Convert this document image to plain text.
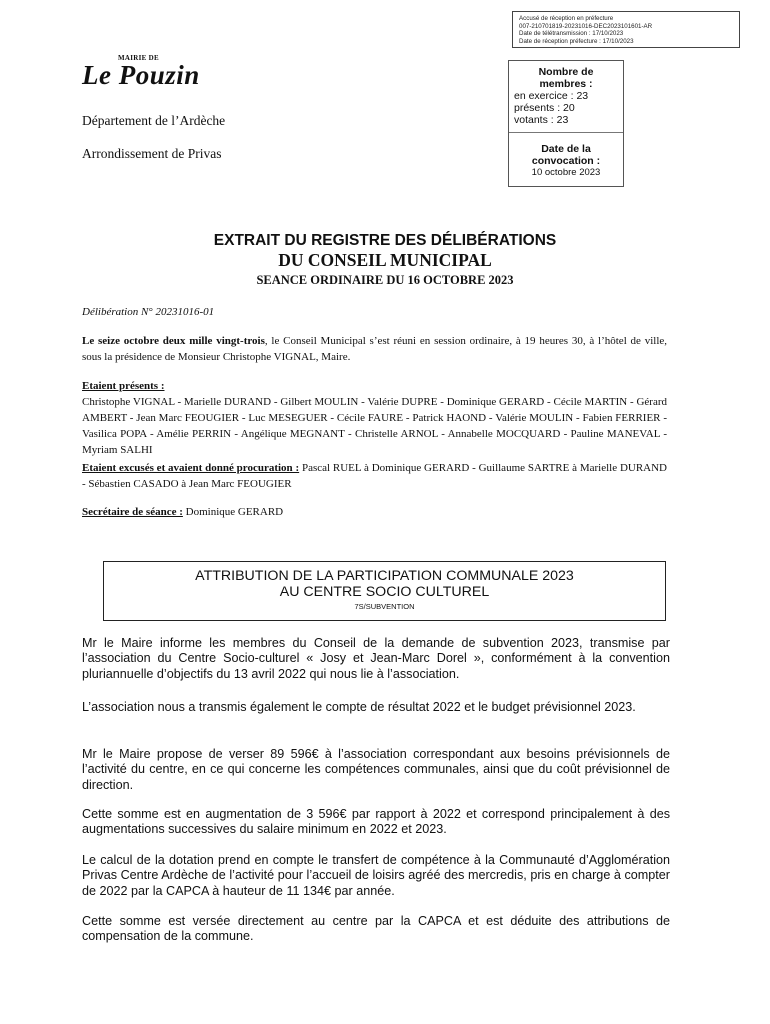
Accusé de réception en préfecture
007-210701819-20231016-DEC2023101601-AR
Date de télétransmission : 17/10/2023
Date de réception préfecture : 17/10/2023
MAIRIE DE
Le Pouzin
Département de l’Ardèche
Arrondissement de Privas
Nombre de membres :
en exercice : 23
présents : 20
votants : 23
Date de la convocation :
10 octobre 2023
EXTRAIT DU REGISTRE DES DÉLIBÉRATIONS
DU CONSEIL MUNICIPAL
SEANCE ORDINAIRE DU 16 OCTOBRE 2023
Délibération N° 20231016-01
Le seize octobre deux mille vingt-trois, le Conseil Municipal s’est réuni en session ordinaire, à 19 heures 30, à l’hôtel de ville, sous la présidence de Monsieur Christophe VIGNAL, Maire.
Etaient présents :
Christophe VIGNAL - Marielle DURAND - Gilbert MOULIN - Valérie DUPRE - Dominique GERARD - Cécile MARTIN - Gérard AMBERT - Jean Marc FEOUGIER - Luc MESEGUER - Cécile FAURE - Patrick HAOND - Valérie MOULIN - Fabien FERRIER - Vasilica POPA - Amélie PERRIN - Angélique MEGNANT - Christelle ARNOL - Annabelle MOCQUARD - Pauline MANEVAL - Myriam SALHI
Etaient excusés et avaient donné procuration : Pascal RUEL à Dominique GERARD - Guillaume SARTRE à Marielle DURAND - Sébastien CASADO à Jean Marc FEOUGIER
Secrétaire de séance : Dominique GERARD
ATTRIBUTION DE LA PARTICIPATION COMMUNALE 2023
AU CENTRE SOCIO CULTUREL
7S/SUBVENTION
Mr le Maire informe les membres du Conseil de la demande de subvention 2023, transmise par l’association du Centre Socio-culturel « Josy et Jean-Marc Dorel », conformément à la convention pluriannuelle d’objectifs du 13 avril 2022 qui nous lie à l’association.
L’association nous a transmis également le compte de résultat 2022 et le budget prévisionnel 2023.
Mr le Maire propose de verser 89 596€ à l’association correspondant aux besoins prévisionnels de l’activité du centre, en ce qui concerne les compétences communales, ainsi que du coût prévisionnel de direction.
Cette somme est en augmentation de 3 596€ par rapport à 2022 et correspond principalement à des augmentations successives du salaire minimum en 2022 et 2023.
Le calcul de la dotation prend en compte le transfert de compétence à la Communauté d’Agglomération Privas Centre Ardèche de l’activité pour l’accueil de loisirs agréé des mercredis, pris en charge à compter de 2022 par la CAPCA à hauteur de 11 134€ par année.
Cette somme est versée directement au centre par la CAPCA et est déduite des attributions de compensation de la commune.
